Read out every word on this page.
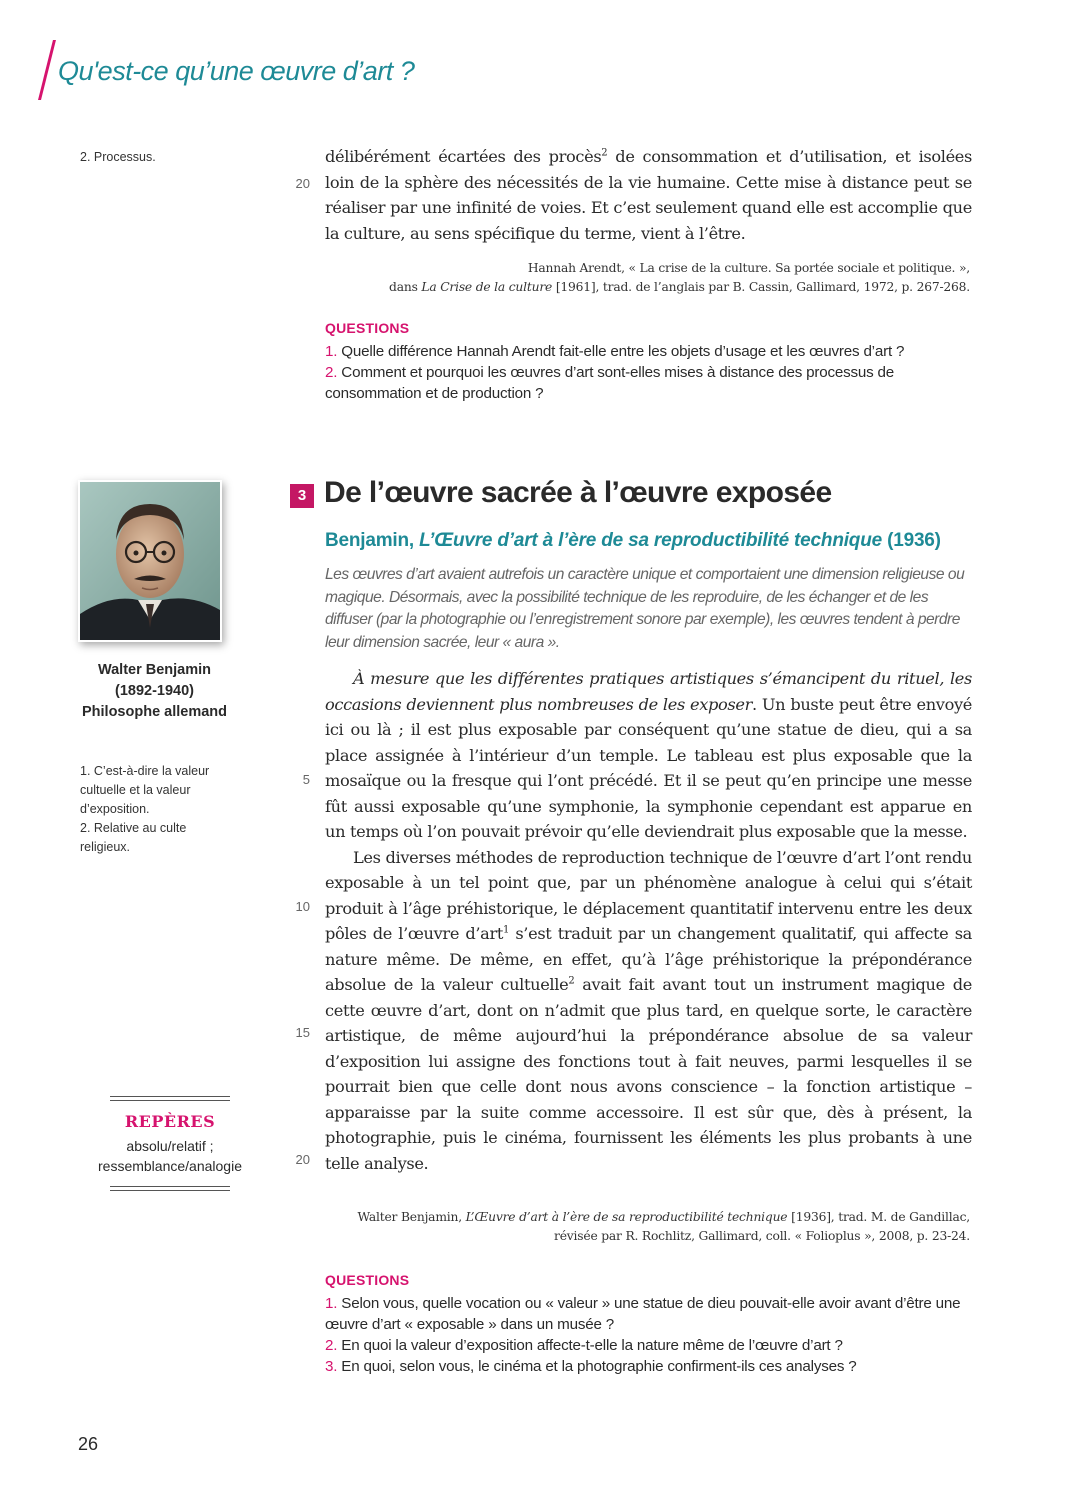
Qu'est-ce qu’une œuvre d’art ?
2. Processus.	délibérément écartées des procès$^2$ de consommation et d’utilisation, et isolées loin de la sphère des nécessités de la vie humaine. Cette mise à distance peut se réaliser par une infinité de voies. Et c’est seulement quand elle est accomplie que la culture, au sens spécifique du terme, vient à l’être.

20
Hannah Arendt, « La crise de la culture. Sa portée sociale et politique. »,
dans La Crise de la culture [1961], trad. de l’anglais par B. Cassin, Gallimard, 1972, p. 267-268.
QUESTIONS
1. Quelle différence Hannah Arendt fait-elle entre les objets d’usage et les œuvres d’art ?
2. Comment et pourquoi les œuvres d’art sont-elles mises à distance des processus de consommation et de production ?
Walter Benjamin
(1892-1940)
Philosophe allemand
1. C’est-à-dire la valeur cultuelle et la valeur d’exposition.
2. Relative au culte religieux.
3 De l’œuvre sacrée à l’œuvre exposée
Benjamin, L’Œuvre d’art à l’ère de sa reproductibilité technique (1936)
Les œuvres d’art avaient autrefois un caractère unique et comportaient une dimension religieuse ou magique. Désormais, avec la possibilité technique de les reproduire, de les échanger et de les diffuser (par la photographie ou l’enregistrement sonore par exemple), les œuvres tendent à perdre leur dimension sacrée, leur « aura ».

À mesure que les différentes pratiques artistiques s’émancipent du rituel, les occasions deviennent plus nombreuses de les exposer. Un buste peut être envoyé ici ou là ; il est plus exposable par conséquent qu’une statue de dieu, qui a sa place assignée à l’intérieur d’un temple. Le tableau est plus exposable que la mosaïque ou la fresque qui l’ont précédé. Et il se peut qu’en principe une messe fût aussi exposable qu’une symphonie, la symphonie cependant est apparue en un temps où l’on pouvait prévoir qu’elle deviendrait plus exposable que la messe.

Les diverses méthodes de reproduction technique de l’œuvre d’art l’ont rendu exposable à un tel point que, par un phénomène analogue à celui qui s’était produit à l’âge préhistorique, le déplacement quantitatif intervenu entre les deux pôles de l’œuvre d’art$^1$ s’est traduit par un changement qualitatif, qui affecte sa nature même. De même, en effet, qu’à l’âge préhistorique la prépondérance absolue de la valeur cultuelle$^2$ avait fait avant tout un instrument magique de cette œuvre d’art, dont on n’admit que plus tard, en quelque sorte, le caractère artistique, de même aujourd’hui la prépondérance absolue de sa valeur d’exposition lui assigne des fonctions tout à fait neuves, parmi lesquelles il se pourrait bien que celle dont nous avons conscience – la fonction artistique – apparaisse par la suite comme accessoire. Il est sûr que, dès à présent, la photographie, puis le cinéma, fournissent les éléments les plus probants à une telle analyse.

5
10
15
20
Walter Benjamin, L’Œuvre d’art à l’ère de sa reproductibilité technique [1936], trad. M. de Gandillac,
révisée par R. Rochlitz, Gallimard, coll. « Folioplus », 2008, p. 23-24.
QUESTIONS
1. Selon vous, quelle vocation ou « valeur » une statue de dieu pouvait-elle avoir avant d’être une œuvre d’art « exposable » dans un musée ?
2. En quoi la valeur d’exposition affecte-t-elle la nature même de l’œuvre d’art ?
3. En quoi, selon vous, le cinéma et la photographie confirment-ils ces analyses ?
REPÈRES
absolu/relatif ;
ressemblance/analogie
26
